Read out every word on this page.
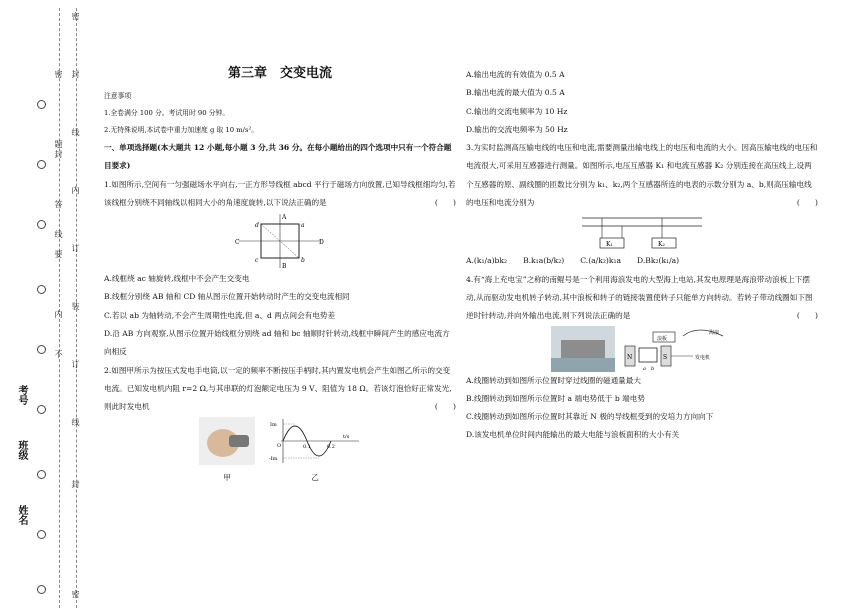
密
封
线
内
订
装
订
线
封
密
密
封
线
内
不
要
答
题
考号
班级
姓名
第三章　交变电流

注意事项

1.全卷满分 100 分。考试用时 90 分钟。

2.无特殊说明,本试卷中重力加速度 g 取 10 m/s²。

一、单项选择题(本大题共 12 小题,每小题 3 分,共 36 分。在每小题给出的四个选项中只有一个符合题目要求)

1.如图所示,空间有一匀强磁场水平向右,一正方形导线框 abcd 平行于磁场方向放置,已知导线框细均匀,若该线框分别绕不同轴线以相同大小的角速度旋转,以下说法正确的是	(　　)

A
B
C	D
d	a
c	b

A.线框绕 ac 轴旋转,线框中不会产生交变电

B.线框分别绕 AB 轴和 CD 轴从图示位置开始转动时产生的交变电流相同

C.若以 ab 为轴转动,不会产生周期性电流,但 a、d 两点间会有电势差

D.沿 AB 方向观察,从图示位置开始线框分别绕 ad 轴和 bc 轴顺时针转动,线框中瞬间产生的感应电流方向相反

2.如图甲所示为按压式发电手电筒,以一定的频率不断按压手柄时,其内置发电机会产生如图乙所示的交变电流。已知发电机内阻 r=2 Ω,与其串联的灯泡额定电压为 9 V、阻值为 18 Ω。若该灯泡恰好正常发光,则此时发电机	(　　)

甲
Im
-Im
O	0.1	0.2
t/s
乙

A.输出电流的有效值为 0.5 A

B.输出电流的最大值为 0.5 A

C.输出的交流电频率为 10 Hz

D.输出的交流电频率为 50 Hz

3.为实时监测高压输电线的电压和电流,需要测量出输电线上的电压和电流的大小。因高压输电线的电压和电流很大,可采用互感器进行测量。如图所示,电压互感器 K₁ 和电流互感器 K₂ 分别连接在高压线上,设两个互感器的原、副线圈的匝数比分别为 k₁、k₂,两个互感器所连的电表的示数分别为 a、b,则高压输电线的电压和电流分别为	(　　)

K₁	K₂
A.(k₁/a)bk₂ B.k₁a(b/k₂) C.(a/k₂)k₁a D.Bk₂(k₁/a)

4.有“海上充电宝”之称的南鲲号是一个利用海浪发电的大型海上电站,其发电原理是海浪带动浪板上下摆动,从而驱动发电机转子转动,其中浪板和转子的链接装置使转子只能单方向转动。若转子带动线圈如下图逆时针转动,并向外输出电流,则下列说法正确的是	(　　)

N	S
浪板
海浪
发电机
a b

A.线圈转动到如图所示位置时穿过线圈的磁通量最大

B.线圈转动到如图所示位置时 a 端电势低于 b 端电势

C.线圈转动到如图所示位置时其靠近 N 极的导线框受到的安培力方向向下

D.该发电机单位时间内能输出的最大电能与浪板面积的大小有关
